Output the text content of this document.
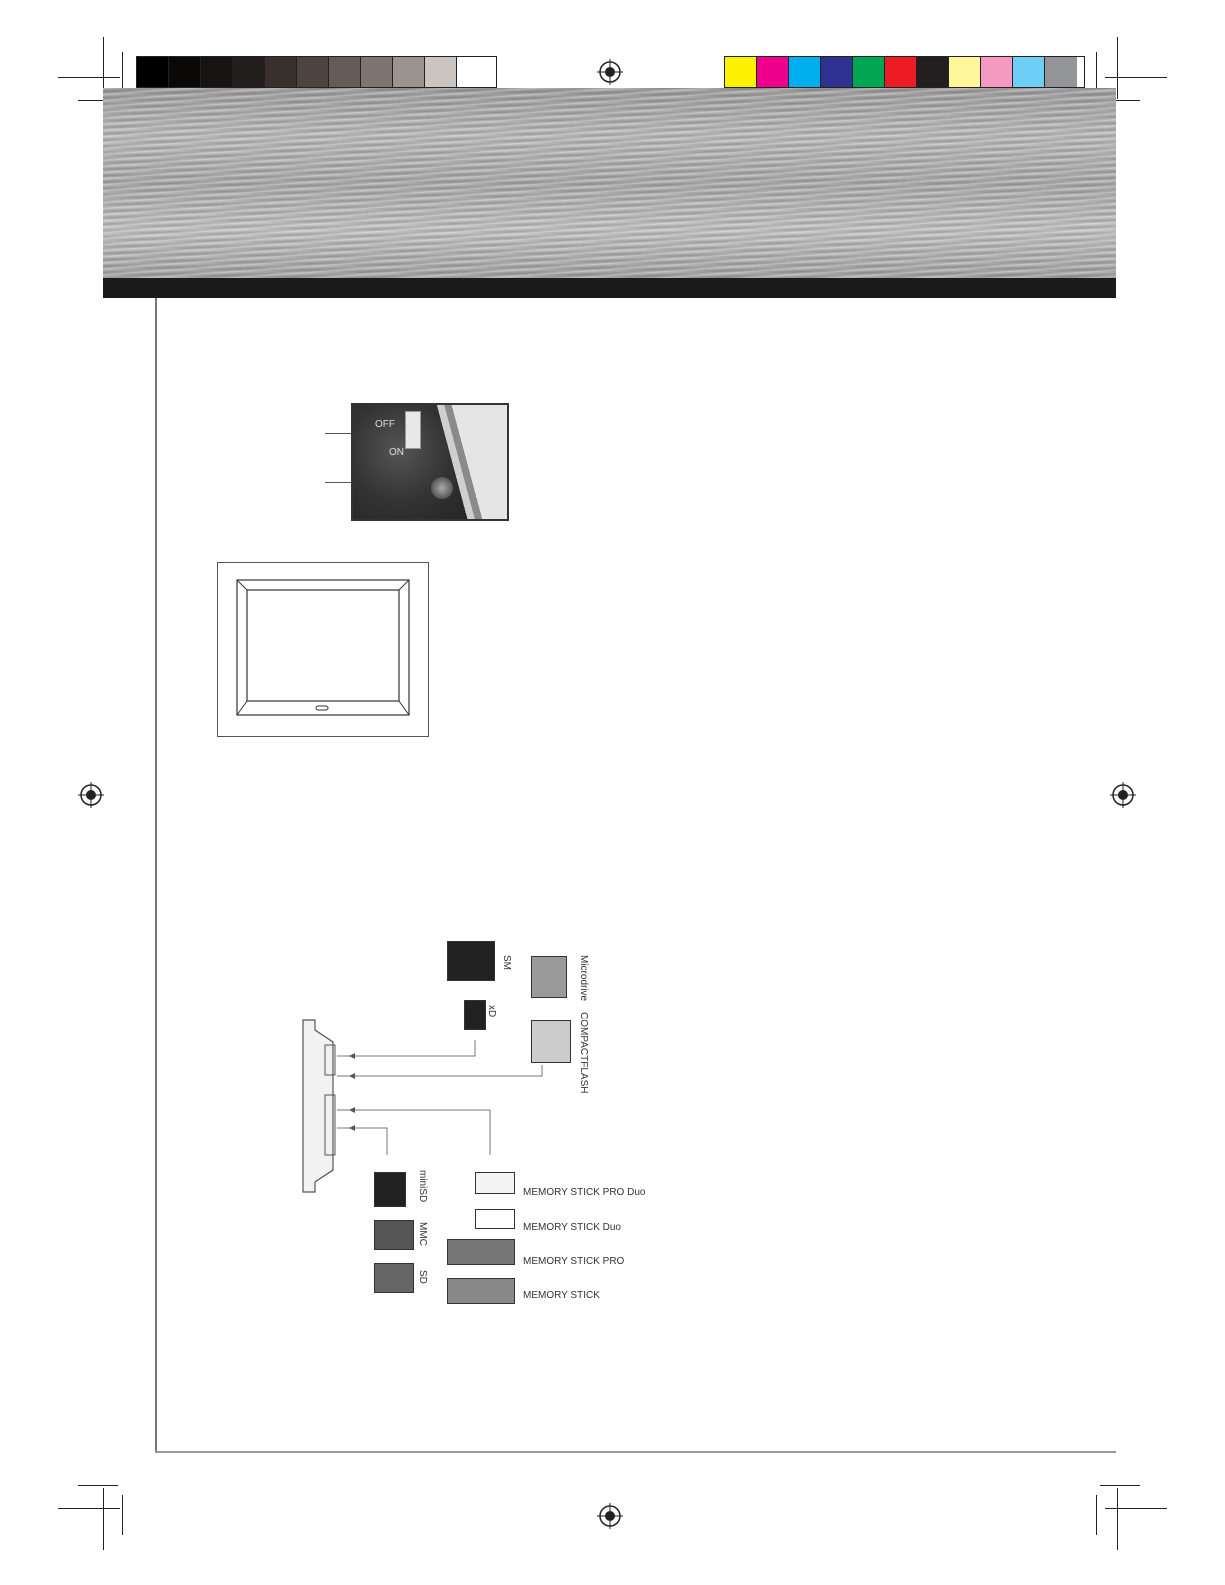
OFF
ON
SM
xD
Microdrive
COMPACTFLASH
miniSD
MMC
SD
MEMORY STICK PRO Duo
MEMORY STICK Duo
MEMORY STICK PRO
MEMORY STICK
